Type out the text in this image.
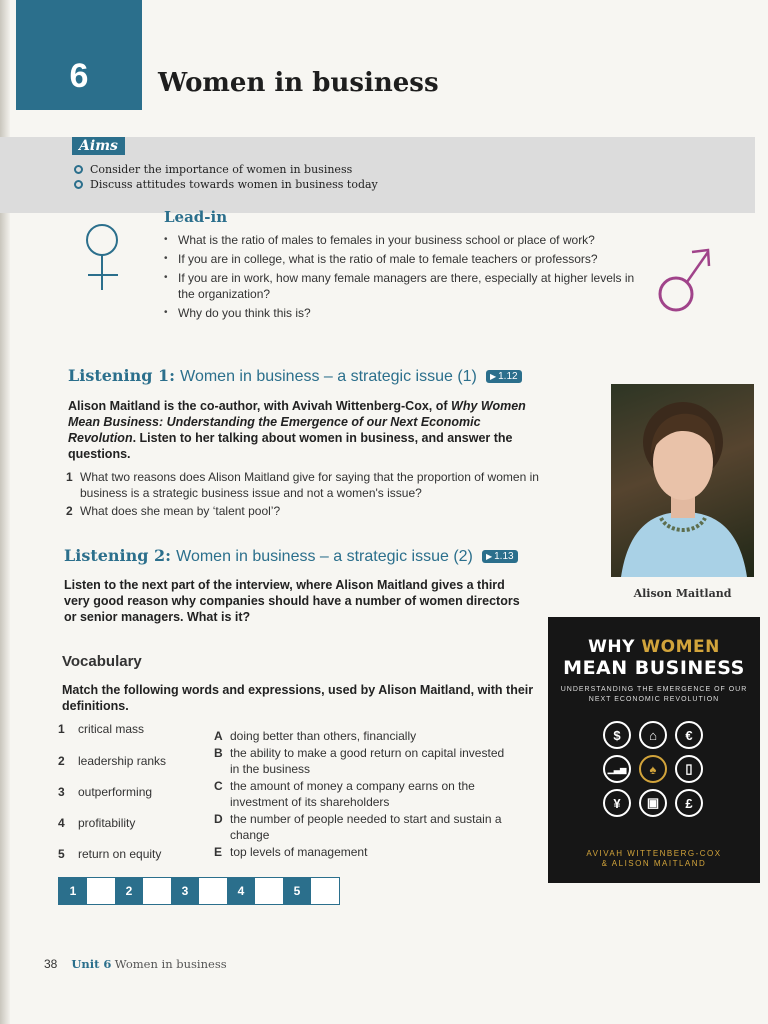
6	Women in business
Aims
Consider the importance of women in business
Discuss attitudes towards women in business today
Lead-in
• What is the ratio of males to females in your business school or place of work?
• If you are in college, what is the ratio of male to female teachers or professors?
• If you are in work, how many female managers are there, especially at higher levels in the organization?
• Why do you think this is?
Listening 1: Women in business – a strategic issue (1) ▶ 1.12

Alison Maitland is the co-author, with Avivah Wittenberg-Cox, of Why Women Mean Business: Understanding the Emergence of our Next Economic Revolution. Listen to her talking about women in business, and answer the questions.

1 What two reasons does Alison Maitland give for saying that the proportion of women in business is a strategic business issue and not a women's issue?
2 What does she mean by ‘talent pool’?
Listening 2: Women in business – a strategic issue (2) ▶ 1.13

Listen to the next part of the interview, where Alison Maitland gives a third very good reason why companies should have a number of women directors or senior managers. What is it?

Alison Maitland
WHY WOMEN
MEAN BUSINESS
UNDERSTANDING THE EMERGENCE OF OUR
NEXT ECONOMIC REVOLUTION
$	⌂	€
▁▃▅	♠	▯
¥	▣	£
AVIVAH WITTENBERG-COX
& ALISON MAITLAND
Vocabulary

Match the following words and expressions, used by Alison Maitland, with their definitions.

1	critical mass
2	leadership ranks
3	outperforming
4	profitability
5	return on equity
A doing better than others, financially
B the ability to make a good return on capital invested in the business
C the amount of money a company earns on the investment of its shareholders
D the number of people needed to start and sustain a change
E top levels of management
1	2	3	4	5
38 Unit 6 Women in business
